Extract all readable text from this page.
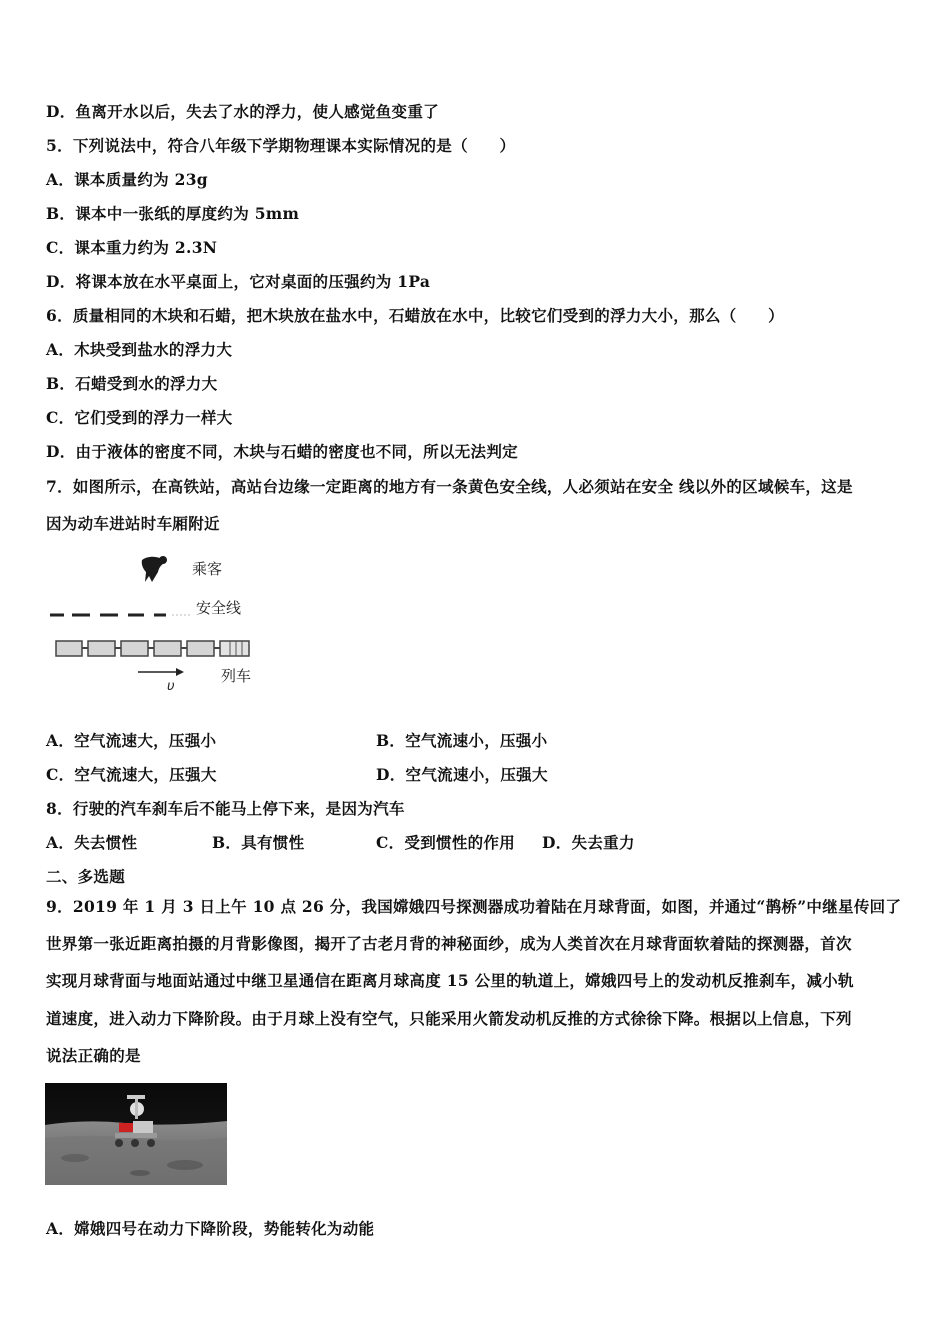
D．鱼离开水以后，失去了水的浮力，使人感觉鱼变重了
5．下列说法中，符合八年级下学期物理课本实际情况的是（　　）
A．课本质量约为 23g
B．课本中一张纸的厚度约为 5mm
C．课本重力约为 2.3N
D．将课本放在水平桌面上，它对桌面的压强约为 1Pa
6．质量相同的木块和石蜡，把木块放在盐水中，石蜡放在水中，比较它们受到的浮力大小，那么（　　）
A．木块受到盐水的浮力大
B．石蜡受到水的浮力大
C．它们受到的浮力一样大
D．由于液体的密度不同，木块与石蜡的密度也不同，所以无法判定
7．如图所示，在高铁站，高站台边缘一定距离的地方有一条黄色安全线，人必须站在安全 线以外的区域候车，这是
因为动车进站时车厢附近
乘客
安全线
列车
υ
A．空气流速大，压强小	B．空气流速小，压强小
C．空气流速大，压强大	D．空气流速小，压强大
8．行驶的汽车刹车后不能马上停下来，是因为汽车
A．失去惯性	B．具有惯性	C．受到惯性的作用 D．失去重力
二、多选题
9．2019 年 1 月 3 日上午 10 点 26 分，我国嫦娥四号探测器成功着陆在月球背面，如图，并通过“鹊桥”中继星传回了
世界第一张近距离拍摄的月背影像图，揭开了古老月背的神秘面纱，成为人类首次在月球背面软着陆的探测器，首次
实现月球背面与地面站通过中继卫星通信在距离月球高度 15 公里的轨道上，嫦娥四号上的发动机反推刹车，减小轨
道速度，进入动力下降阶段。由于月球上没有空气，只能采用火箭发动机反推的方式徐徐下降。根据以上信息，下列
说法正确的是
A．嫦娥四号在动力下降阶段，势能转化为动能
